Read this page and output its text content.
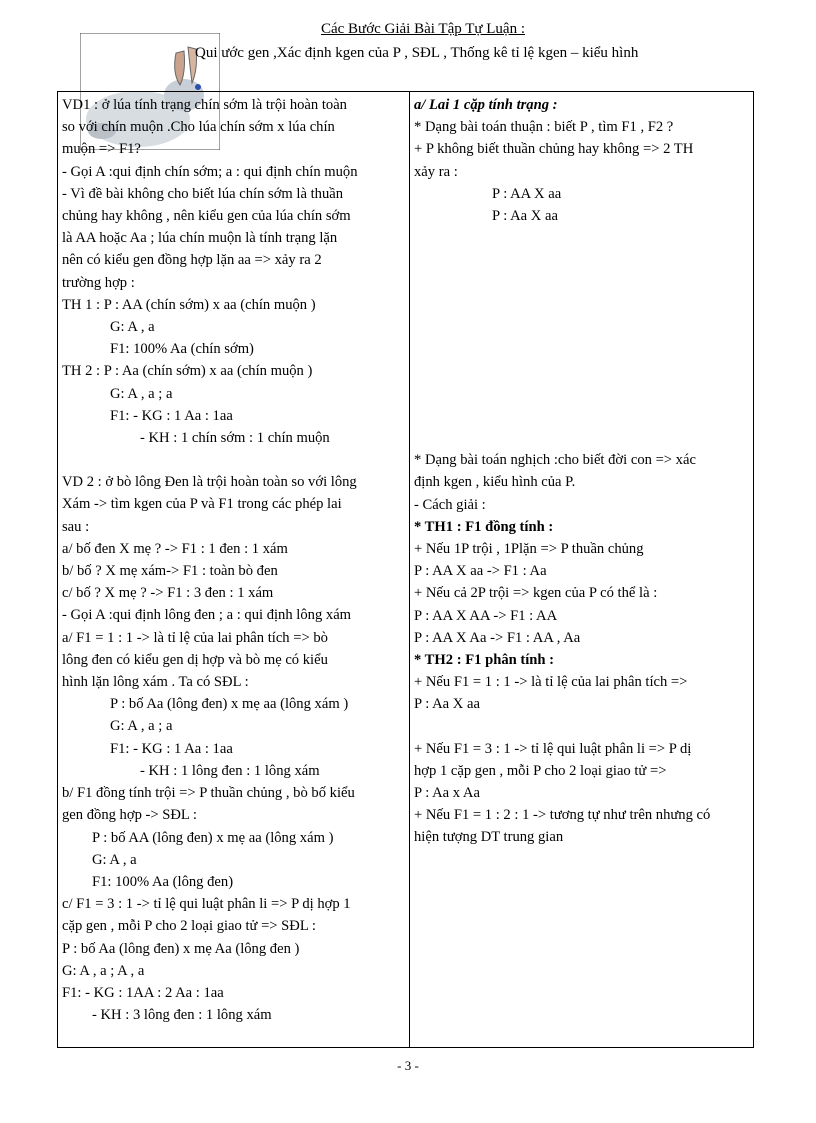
Các Bước Giải Bài Tập Tự Luận :
Qui ước gen ,Xác định kgen của P , SĐL , Thống kê tỉ lệ kgen – kiểu hình
VD1 : ở lúa tính trạng chín sớm là trội hoàn toàn
so với chín muộn .Cho lúa chín sớm x lúa chín
muộn => F1?
- Gọi A :qui định chín sớm; a : qui định chín muộn
- Vì đề bài không cho biết lúa chín sớm là thuần
chủng hay không , nên kiểu gen của lúa chín sớm
là AA hoặc Aa ; lúa chín muộn là tính trạng lặn
nên có kiểu gen đồng hợp lặn aa => xảy ra 2
trường hợp :
TH 1 : P : AA (chín sớm) x aa (chín muộn )
G: A , a
F1: 100% Aa (chín sớm)
TH 2 : P : Aa (chín sớm) x aa (chín muộn )
G: A , a ; a
F1: - KG : 1 Aa : 1aa
- KH : 1 chín sớm : 1 chín muộn
VD 2 : ở bò lông Đen là trội hoàn toàn so với lông
Xám -> tìm kgen của P và F1 trong các phép lai
sau :
a/ bố đen X mẹ ? -> F1 : 1 đen : 1 xám
b/ bố ? X mẹ xám-> F1 : toàn bò đen
c/ bố ? X mẹ ? -> F1 : 3 đen : 1 xám
- Gọi A :qui định lông đen ; a : qui định lông xám
a/ F1 = 1 : 1 -> là tỉ lệ của lai phân tích => bò
lông đen có kiểu gen dị hợp và bò mẹ có kiểu
hình lặn lông xám . Ta có SĐL :
P : bố Aa (lông đen) x mẹ aa (lông xám )
G: A , a ; a
F1: - KG : 1 Aa : 1aa
- KH : 1 lông đen : 1 lông xám
b/ F1 đồng tính trội => P thuần chủng , bò bố kiểu
gen đồng hợp -> SĐL :
P : bố AA (lông đen) x mẹ aa (lông xám )
G: A , a
F1: 100% Aa (lông đen)
c/ F1 = 3 : 1 -> tỉ lệ qui luật phân li => P dị hợp 1
cặp gen , mỗi P cho 2 loại giao tử => SĐL :
P : bố Aa (lông đen) x mẹ Aa (lông đen )
G: A , a ; A , a
F1: - KG : 1AA : 2 Aa : 1aa
- KH : 3 lông đen : 1 lông xám

a/ Lai 1 cặp tính trạng :
* Dạng bài toán thuận : biết P , tìm F1 , F2 ?
+ P không biết thuần chủng hay không => 2 TH
xảy ra :
P : AA X aa
P : Aa X aa
* Dạng bài toán nghịch :cho biết đời con => xác
định kgen , kiểu hình của P.
- Cách giải :
* TH1 : F1 đồng tính :
+ Nếu 1P trội , 1Plặn => P thuần chủng
P : AA X aa -> F1 : Aa
+ Nếu cả 2P trội => kgen của P có thể là :
P : AA X AA -> F1 : AA
P : AA X Aa -> F1 : AA , Aa
* TH2 : F1 phân tính :
+ Nếu F1 = 1 : 1 -> là tỉ lệ của lai phân tích =>
P : Aa X aa
+ Nếu F1 = 3 : 1 -> tỉ lệ qui luật phân li => P dị
hợp 1 cặp gen , mỗi P cho 2 loại giao tử =>
P : Aa x Aa
+ Nếu F1 = 1 : 2 : 1 -> tương tự như trên nhưng có
hiện tượng DT trung gian
- 3 -
